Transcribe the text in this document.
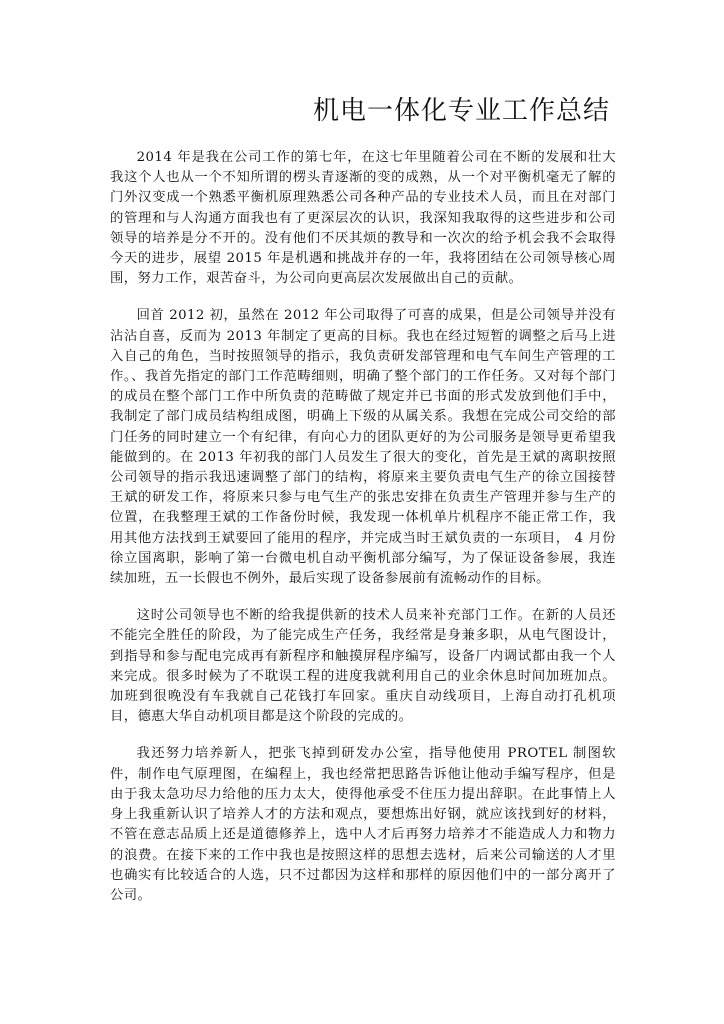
机电一体化专业工作总结

2014 年是我在公司工作的第七年，在这七年里随着公司在不断的发展和壮大我这个人也从一个不知所谓的楞头青逐渐的变的成熟，从一个对平衡机毫无了解的门外汉变成一个熟悉平衡机原理熟悉公司各种产品的专业技术人员，而且在对部门的管理和与人沟通方面我也有了更深层次的认识，我深知我取得的这些进步和公司领导的培养是分不开的。没有他们不厌其烦的教导和一次次的给予机会我不会取得今天的进步，展望 2015 年是机遇和挑战并存的一年，我将团结在公司领导核心周围，努力工作，艰苦奋斗，为公司向更高层次发展做出自己的贡献。

回首 2012 初，虽然在 2012 年公司取得了可喜的成果，但是公司领导并没有沾沾自喜，反而为 2013 年制定了更高的目标。我也在经过短暂的调整之后马上进入自己的角色，当时按照领导的指示，我负责研发部管理和电气车间生产管理的工作。、我首先指定的部门工作范畴细则，明确了整个部门的工作任务。又对每个部门的成员在整个部门工作中所负责的范畴做了规定并已书面的形式发放到他们手中，我制定了部门成员结构组成图，明确上下级的从属关系。我想在完成公司交给的部门任务的同时建立一个有纪律，有向心力的团队更好的为公司服务是领导更希望我能做到的。在 2013 年初我的部门人员发生了很大的变化，首先是王斌的离职按照公司领导的指示我迅速调整了部门的结构，将原来主要负责电气生产的徐立国接替王斌的研发工作，将原来只参与电气生产的张忠安排在负责生产管理并参与生产的位置，在我整理王斌的工作备份时候，我发现一体机单片机程序不能正常工作，我用其他方法找到王斌要回了能用的程序，并完成当时王斌负责的一东项目， 4 月份徐立国离职，影响了第一台微电机自动平衡机部分编写，为了保证设备参展，我连续加班，五一长假也不例外，最后实现了设备参展前有流畅动作的目标。

这时公司领导也不断的给我提供新的技术人员来补充部门工作。在新的人员还不能完全胜任的阶段，为了能完成生产任务，我经常是身兼多职，从电气图设计，到指导和参与配电完成再有新程序和触摸屏程序编写，设备厂内调试都由我一个人来完成。很多时候为了不耽误工程的进度我就利用自己的业余休息时间加班加点。加班到很晚没有车我就自己花钱打车回家。重庆自动线项目，上海自动打孔机项目，德惠大华自动机项目都是这个阶段的完成的。

我还努力培养新人，把张飞掉到研发办公室，指导他使用 PROTEL 制图软件，制作电气原理图，在编程上，我也经常把思路告诉他让他动手编写程序，但是由于我太急功尽力给他的压力太大，使得他承受不住压力提出辞职。在此事情上人身上我重新认识了培养人才的方法和观点，要想炼出好钢，就应该找到好的材料，不管在意志品质上还是道德修养上，选中人才后再努力培养才不能造成人力和物力的浪费。在接下来的工作中我也是按照这样的思想去选材，后来公司输送的人才里也确实有比较适合的人选，只不过都因为这样和那样的原因他们中的一部分离开了公司。
